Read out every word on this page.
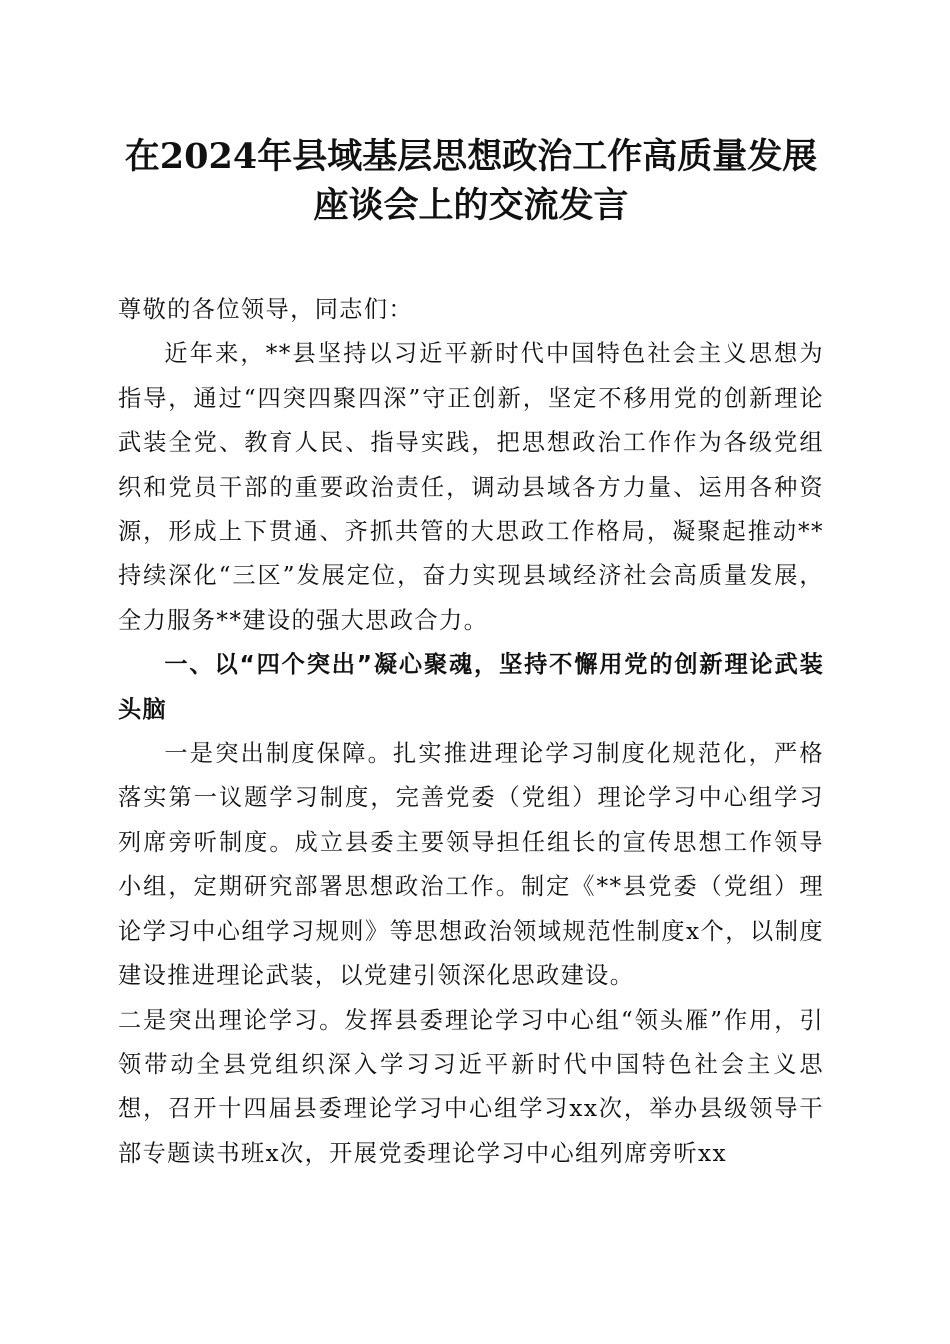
在2024年县域基层思想政治工作高质量发展
座谈会上的交流发言

尊敬的各位领导，同志们：

近年来，**县坚持以习近平新时代中国特色社会主义思想为指导，通过“四突四聚四深”守正创新，坚定不移用党的创新理论武装全党、教育人民、指导实践，把思想政治工作作为各级党组织和党员干部的重要政治责任，调动县域各方力量、运用各种资源，形成上下贯通、齐抓共管的大思政工作格局，凝聚起推动**持续深化“三区”发展定位，奋力实现县域经济社会高质量发展，全力服务**建设的强大思政合力。

一、以“四个突出”凝心聚魂，坚持不懈用党的创新理论武装头脑

一是突出制度保障。扎实推进理论学习制度化规范化，严格落实第一议题学习制度，完善党委（党组）理论学习中心组学习列席旁听制度。成立县委主要领导担任组长的宣传思想工作领导小组，定期研究部署思想政治工作。制定《**县党委（党组）理论学习中心组学习规则》等思想政治领域规范性制度x个，以制度建设推进理论武装，以党建引领深化思政建设。

二是突出理论学习。发挥县委理论学习中心组“领头雁”作用，引领带动全县党组织深入学习习近平新时代中国特色社会主义思想，召开十四届县委理论学习中心组学习xx次，举办县级领导干部专题读书班x次，开展党委理论学习中心组列席旁听xx
